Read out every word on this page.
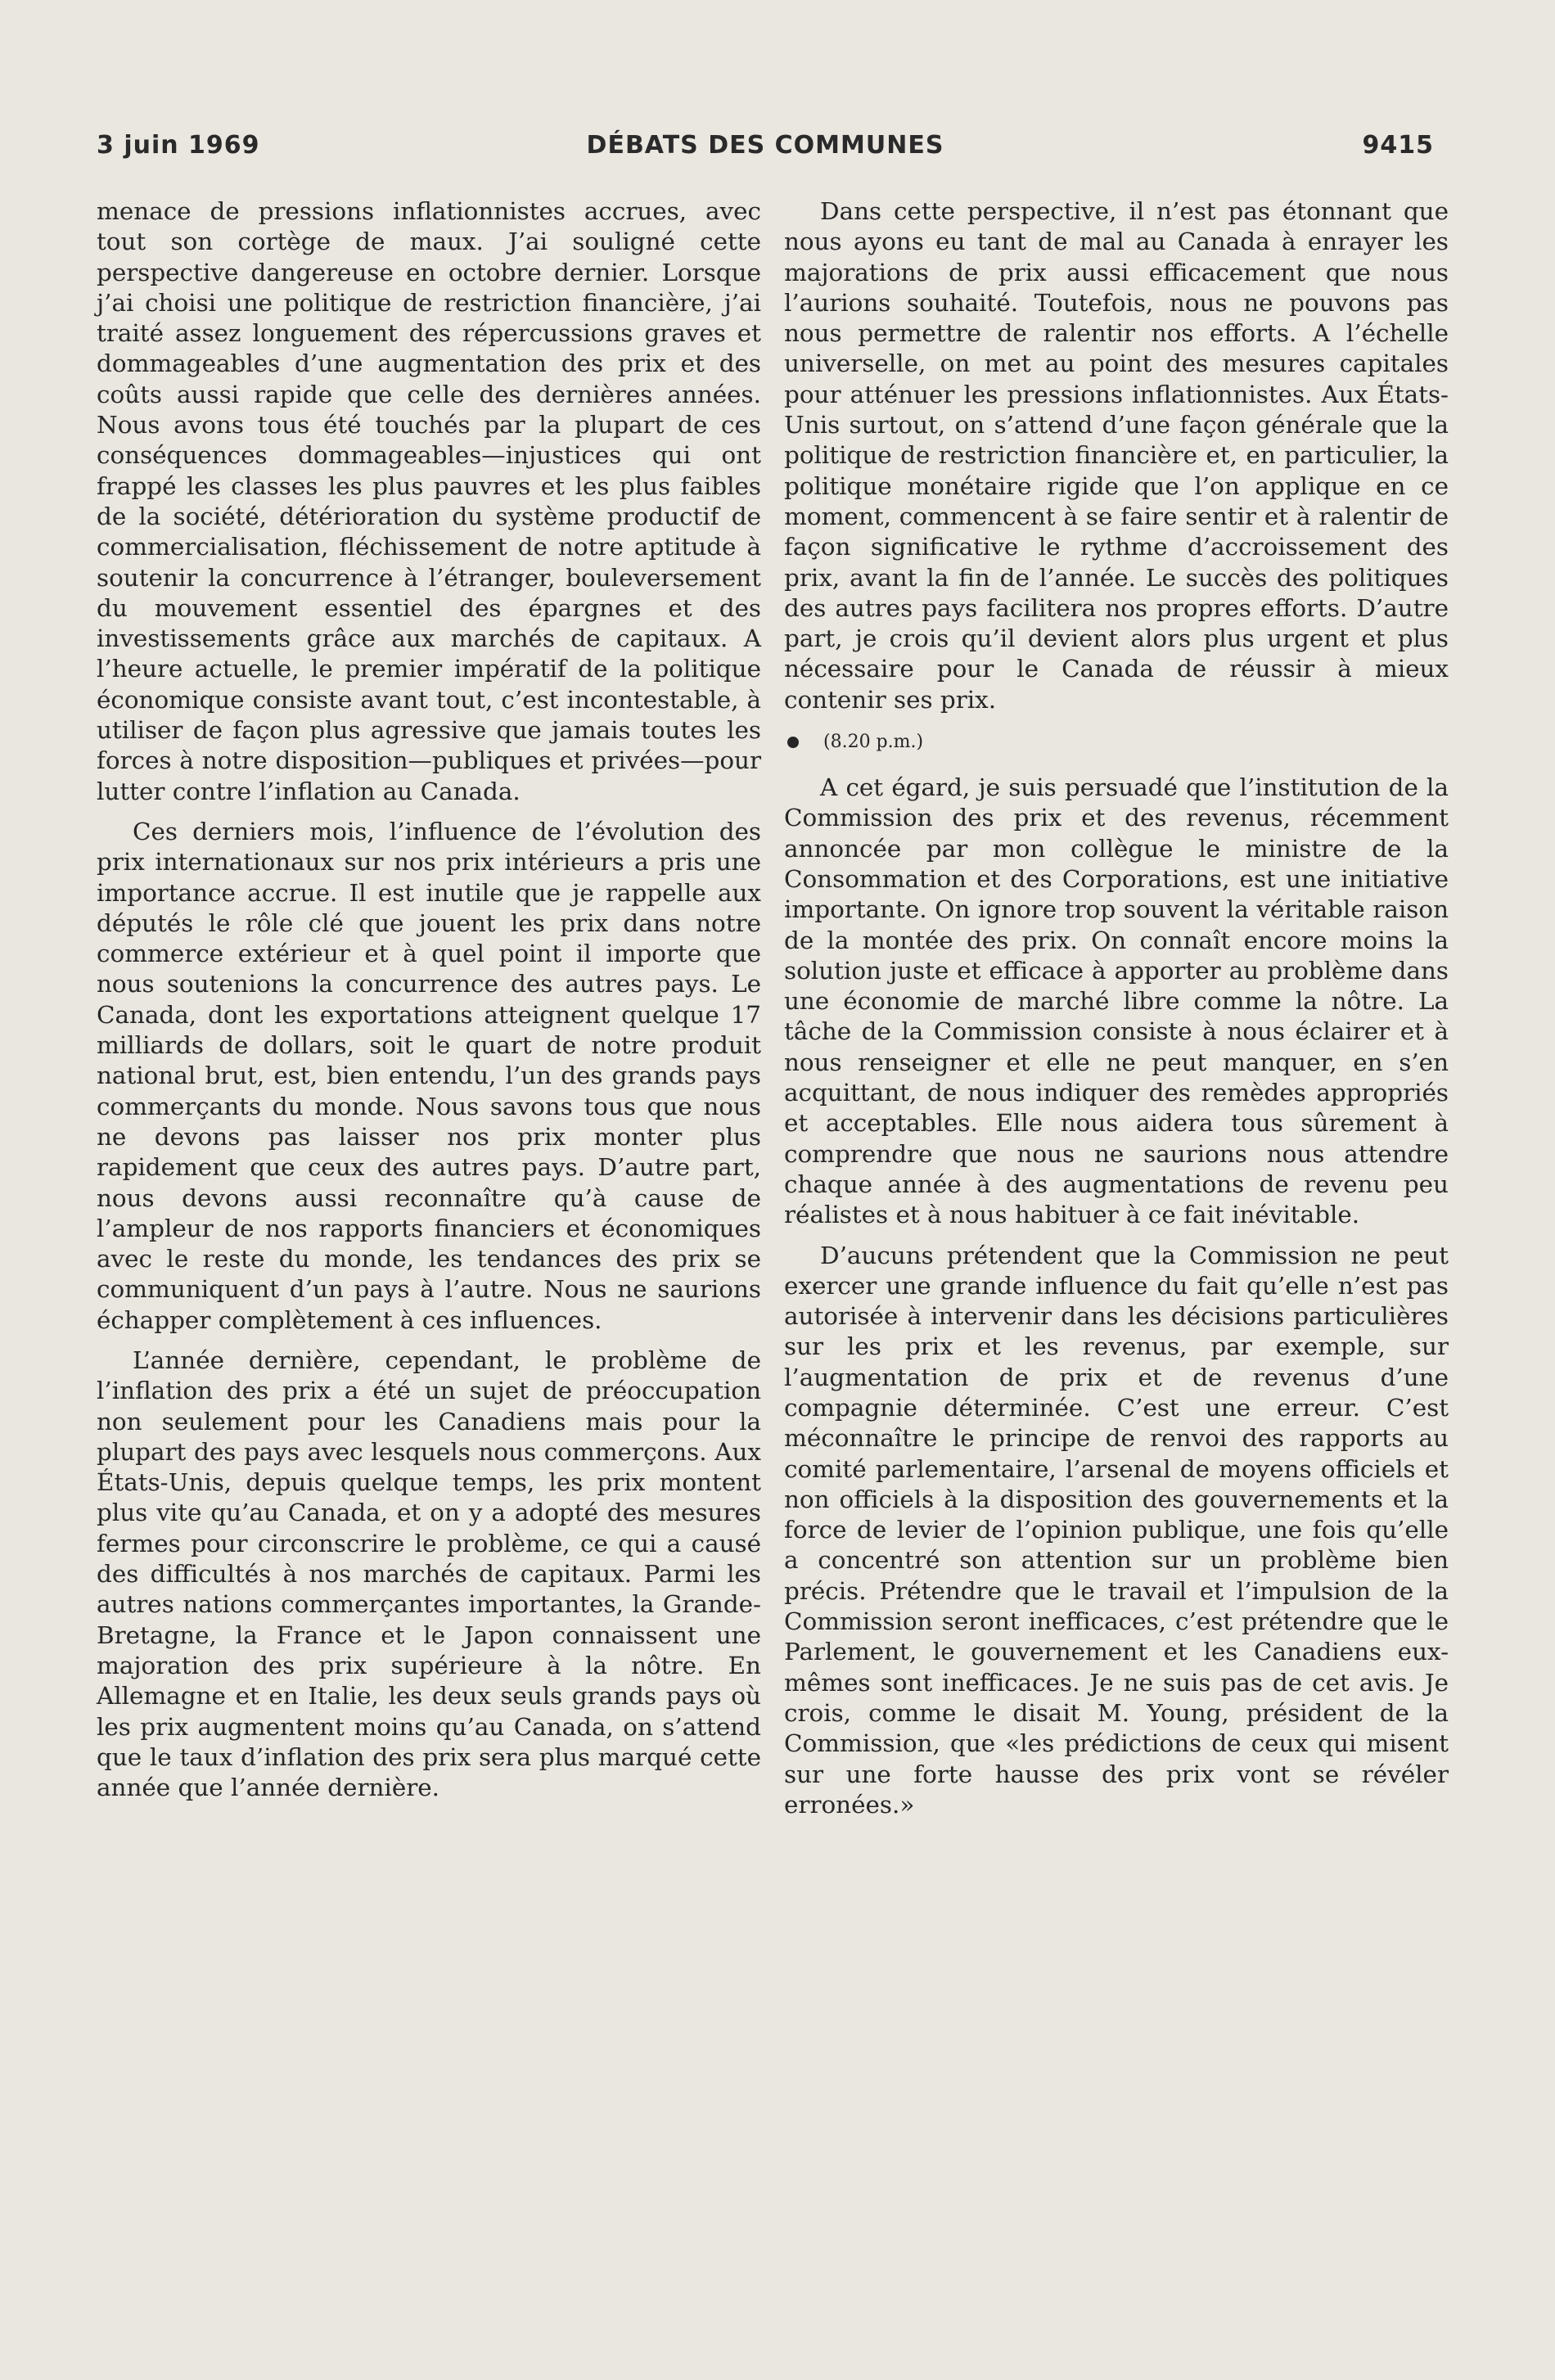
3 juin 1969	DÉBATS DES COMMUNES	9415

menace de pressions inflationnistes accrues, avec tout son cortège de maux. J’ai souligné cette perspective dangereuse en octobre dernier. Lorsque j’ai choisi une politique de restriction financière, j’ai traité assez longuement des répercussions graves et dommageables d’une augmentation des prix et des coûts aussi rapide que celle des dernières années. Nous avons tous été touchés par la plupart de ces conséquences dommageables—injustices qui ont frappé les classes les plus pauvres et les plus faibles de la société, détérioration du système productif de commercialisation, fléchissement de notre aptitude à soutenir la concurrence à l’étranger, bouleversement du mouvement essentiel des épargnes et des investissements grâce aux marchés de capitaux. A l’heure actuelle, le premier impératif de la politique économique consiste avant tout, c’est incontestable, à utiliser de façon plus agressive que jamais toutes les forces à notre disposition—publiques et privées—pour lutter contre l’inflation au Canada.

Ces derniers mois, l’influence de l’évolution des prix internationaux sur nos prix intérieurs a pris une importance accrue. Il est inutile que je rappelle aux députés le rôle clé que jouent les prix dans notre commerce extérieur et à quel point il importe que nous soutenions la concurrence des autres pays. Le Canada, dont les exportations atteignent quelque 17 milliards de dollars, soit le quart de notre produit national brut, est, bien entendu, l’un des grands pays commerçants du monde. Nous savons tous que nous ne devons pas laisser nos prix monter plus rapidement que ceux des autres pays. D’autre part, nous devons aussi reconnaître qu’à cause de l’ampleur de nos rapports financiers et économiques avec le reste du monde, les tendances des prix se communiquent d’un pays à l’autre. Nous ne saurions échapper complètement à ces influences.

L’année dernière, cependant, le problème de l’inflation des prix a été un sujet de préoccupation non seulement pour les Canadiens mais pour la plupart des pays avec lesquels nous commerçons. Aux États-Unis, depuis quelque temps, les prix montent plus vite qu’au Canada, et on y a adopté des mesures fermes pour circonscrire le problème, ce qui a causé des difficultés à nos marchés de capitaux. Parmi les autres nations commerçantes importantes, la Grande-Bretagne, la France et le Japon connaissent une majoration des prix supérieure à la nôtre. En Allemagne et en Italie, les deux seuls grands pays où les prix augmentent moins qu’au Canada, on s’attend que le taux d’inflation des prix sera plus marqué cette année que l’année dernière.

Dans cette perspective, il n’est pas étonnant que nous ayons eu tant de mal au Canada à enrayer les majorations de prix aussi efficacement que nous l’aurions souhaité. Toutefois, nous ne pouvons pas nous permettre de ralentir nos efforts. A l’échelle universelle, on met au point des mesures capitales pour atténuer les pressions inflationnistes. Aux États-Unis surtout, on s’attend d’une façon générale que la politique de restriction financière et, en particulier, la politique monétaire rigide que l’on applique en ce moment, commencent à se faire sentir et à ralentir de façon significative le rythme d’accroissement des prix, avant la fin de l’année. Le succès des politiques des autres pays facilitera nos propres efforts. D’autre part, je crois qu’il devient alors plus urgent et plus nécessaire pour le Canada de réussir à mieux contenir ses prix.

(8.20 p.m.)

A cet égard, je suis persuadé que l’institution de la Commission des prix et des revenus, récemment annoncée par mon collègue le ministre de la Consommation et des Corporations, est une initiative importante. On ignore trop souvent la véritable raison de la montée des prix. On connaît encore moins la solution juste et efficace à apporter au problème dans une économie de marché libre comme la nôtre. La tâche de la Commission consiste à nous éclairer et à nous renseigner et elle ne peut manquer, en s’en acquittant, de nous indiquer des remèdes appropriés et acceptables. Elle nous aidera tous sûrement à comprendre que nous ne saurions nous attendre chaque année à des augmentations de revenu peu réalistes et à nous habituer à ce fait inévitable.

D’aucuns prétendent que la Commission ne peut exercer une grande influence du fait qu’elle n’est pas autorisée à intervenir dans les décisions particulières sur les prix et les revenus, par exemple, sur l’augmentation de prix et de revenus d’une compagnie déterminée. C’est une erreur. C’est méconnaître le principe de renvoi des rapports au comité parlementaire, l’arsenal de moyens officiels et non officiels à la disposition des gouvernements et la force de levier de l’opinion publique, une fois qu’elle a concentré son attention sur un problème bien précis. Prétendre que le travail et l’impulsion de la Commission seront inefficaces, c’est prétendre que le Parlement, le gouvernement et les Canadiens eux-mêmes sont inefficaces. Je ne suis pas de cet avis. Je crois, comme le disait M. Young, président de la Commission, que «les prédictions de ceux qui misent sur une forte hausse des prix vont se révéler erronées.»
